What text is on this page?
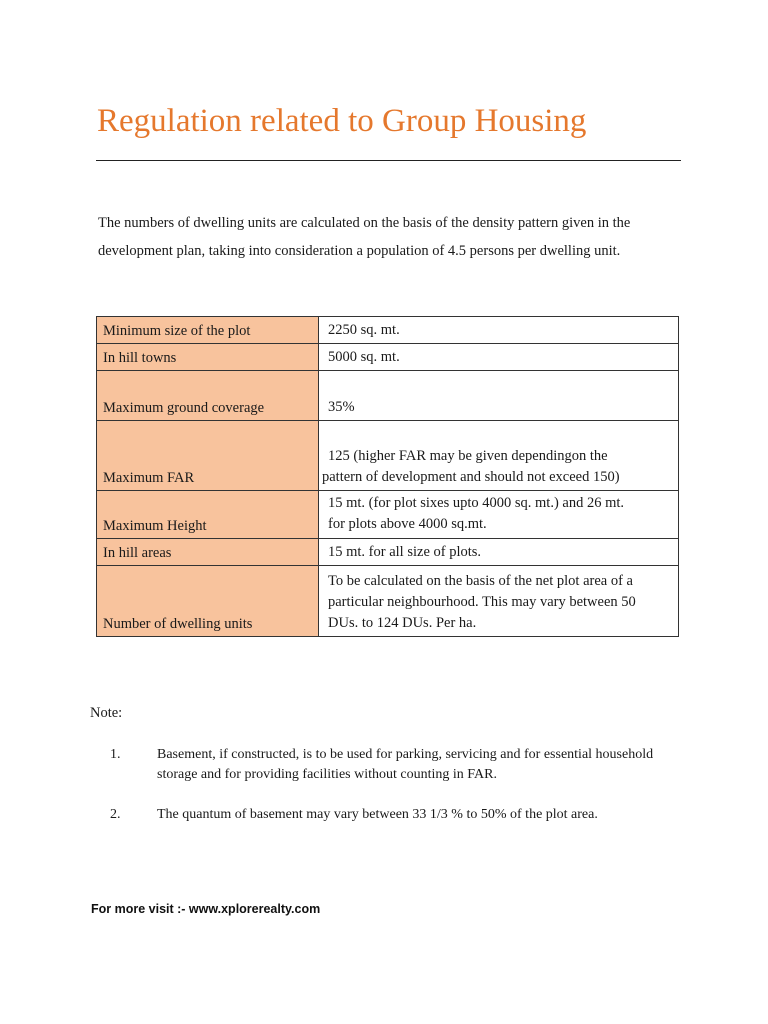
Regulation related to Group Housing

The numbers of dwelling units are calculated on the basis of the density pattern given in the development plan, taking into consideration a population of 4.5 persons per dwelling unit.

Minimum size of the plot	2250 sq. mt.

In hill towns	5000 sq. mt.

Maximum ground coverage	35%

Maximum FAR	125 (higher FAR may be given dependingon the
pattern of development and should not exceed 150)

Maximum Height	15 mt. (for plot sixes upto 4000 sq. mt.) and 26 mt.
for plots above 4000 sq.mt.

In hill areas	15 mt. for all size of plots.

Number of dwelling units	To be calculated on the basis of the net plot area of a
particular neighbourhood. This may vary between 50
DUs. to 124 DUs. Per ha.

Note:

1.	Basement, if constructed, is to be used for parking, servicing and for essential household storage and for providing facilities without counting in FAR.
2.	The quantum of basement may vary between 33 1/3 % to 50% of the plot area.

For more visit :- www.xplorerealty.com
